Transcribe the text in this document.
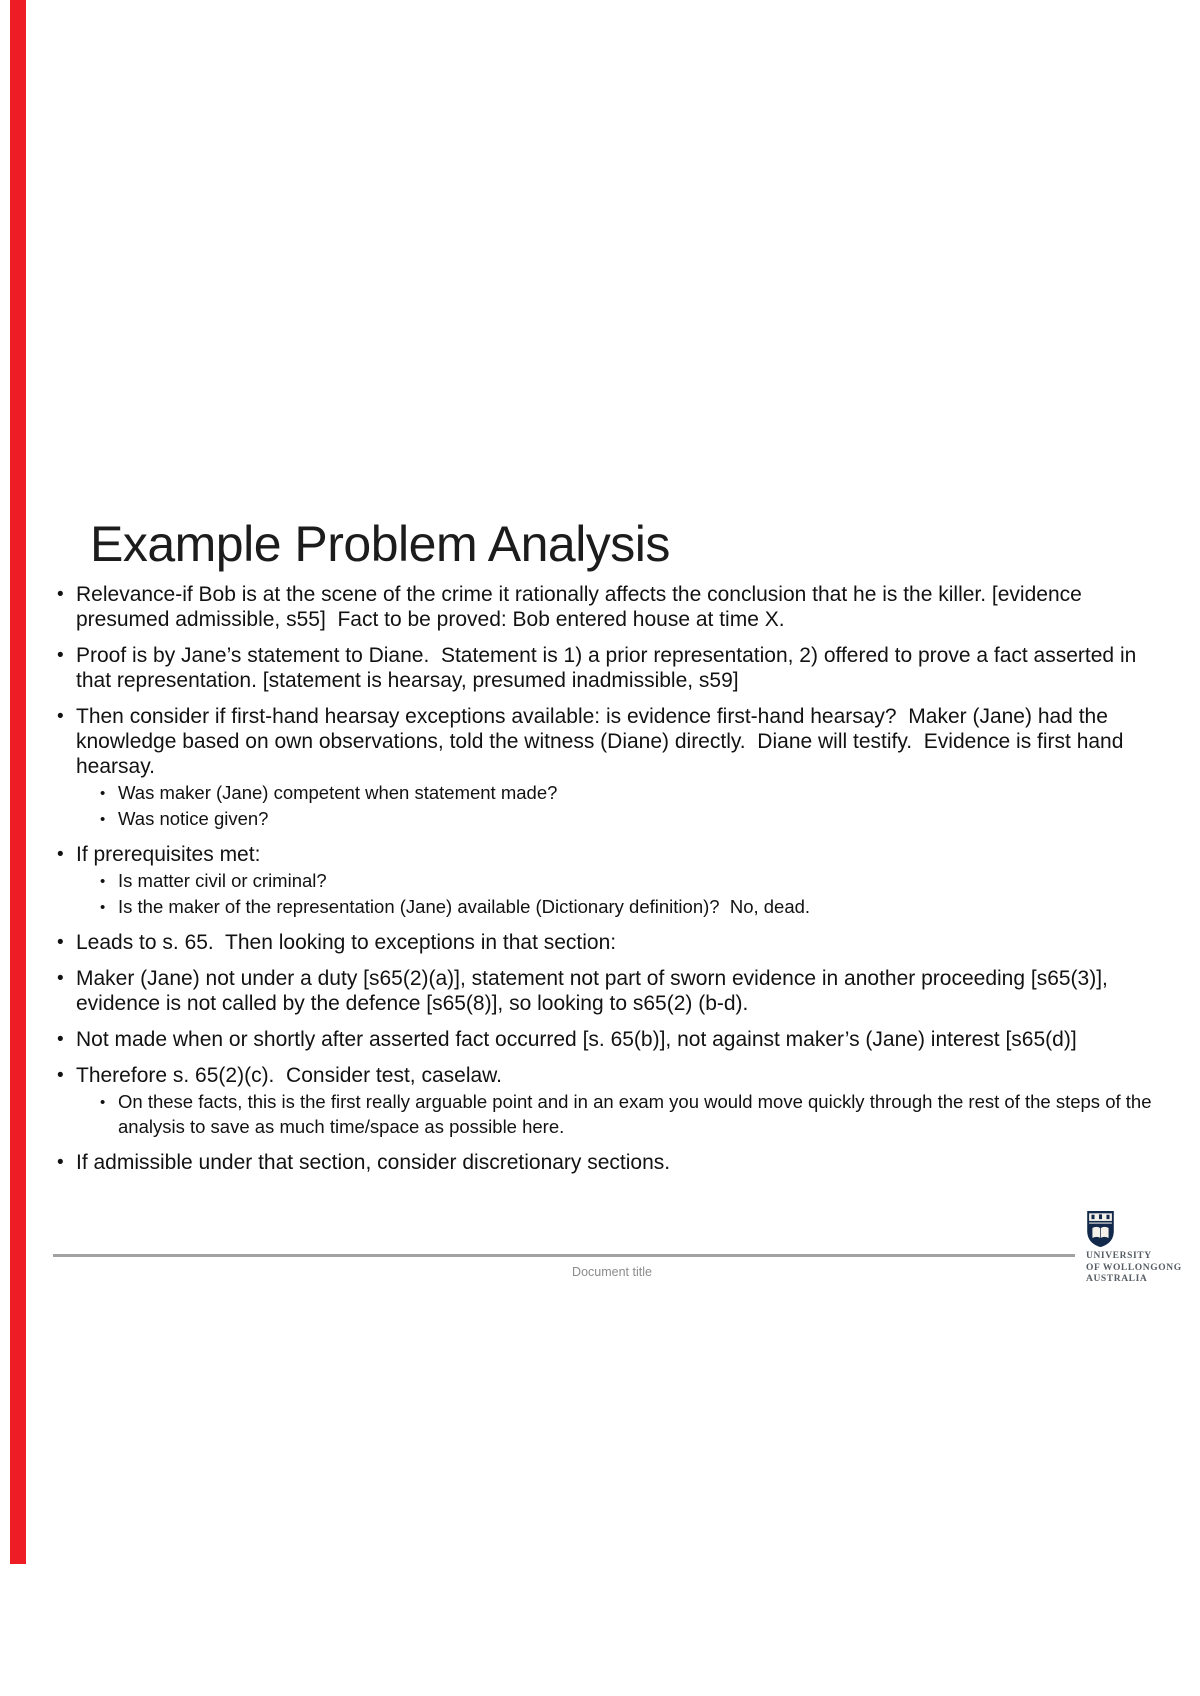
Example Problem Analysis
• Relevance-if Bob is at the scene of the crime it rationally affects the conclusion that he is the killer. [evidence presumed admissible, s55]  Fact to be proved: Bob entered house at time X.
• Proof is by Jane’s statement to Diane.  Statement is 1) a prior representation, 2) offered to prove a fact asserted in that representation. [statement is hearsay, presumed inadmissible, s59]
• Then consider if first-hand hearsay exceptions available: is evidence first-hand hearsay?  Maker (Jane) had the knowledge based on own observations, told the witness (Diane) directly.  Diane will testify.  Evidence is first hand hearsay.
• Was maker (Jane) competent when statement made?
• Was notice given?
• If prerequisites met:
• Is matter civil or criminal?
• Is the maker of the representation (Jane) available (Dictionary definition)?  No, dead.
• Leads to s. 65.  Then looking to exceptions in that section:
• Maker (Jane) not under a duty [s65(2)(a)], statement not part of sworn evidence in another proceeding [s65(3)], evidence is not called by the defence [s65(8)], so looking to s65(2) (b-d).
• Not made when or shortly after asserted fact occurred [s. 65(b)], not against maker’s (Jane) interest [s65(d)]
• Therefore s. 65(2)(c).  Consider test, caselaw.
• On these facts, this is the first really arguable point and in an exam you would move quickly through the rest of the steps of the analysis to save as much time/space as possible here.
• If admissible under that section, consider discretionary sections.
Document title
UNIVERSITY
OF WOLLONGONG
AUSTRALIA
